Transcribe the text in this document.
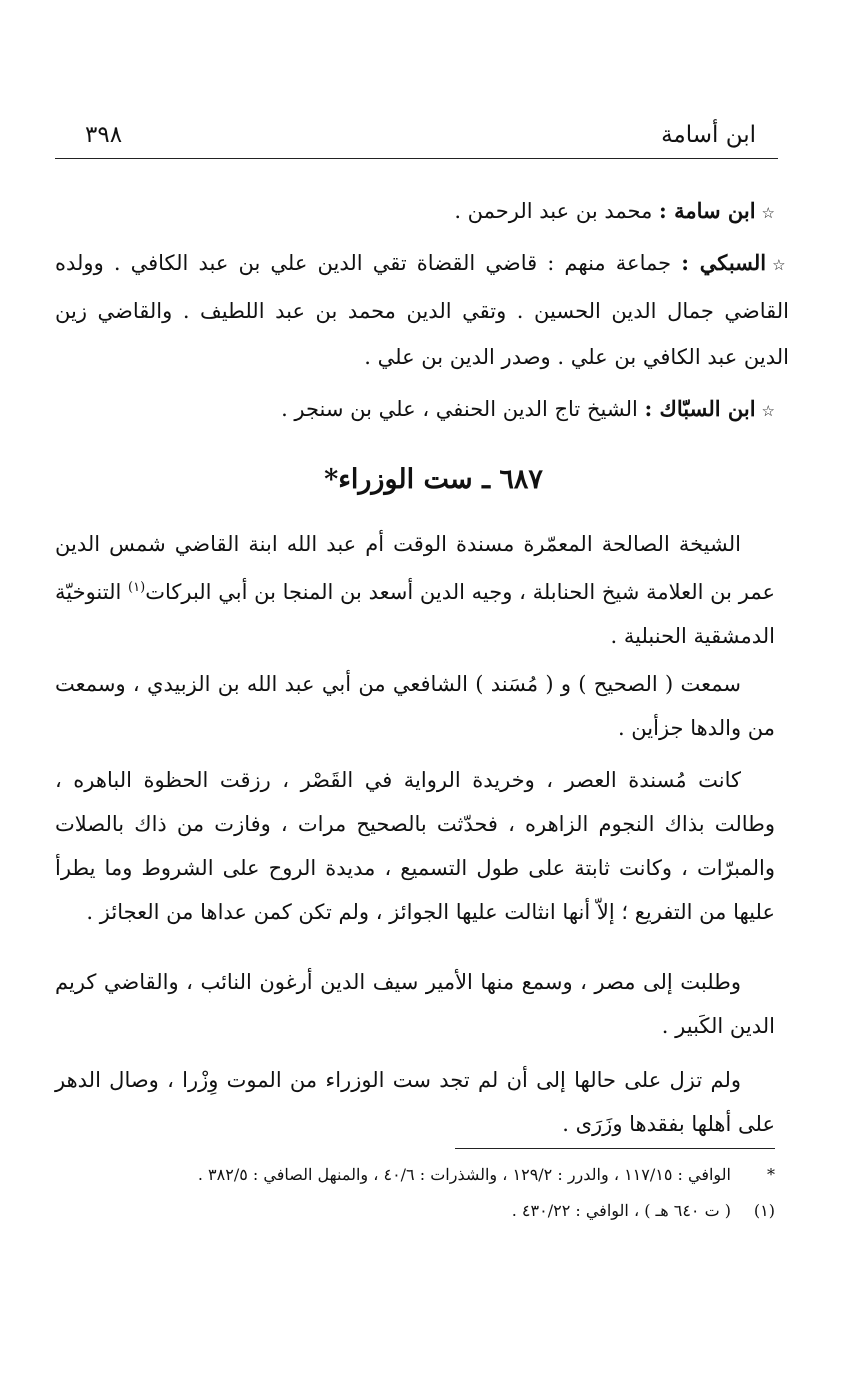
ابن أسامة
٣٩٨

☆ابن سامة : محمد بن عبد الرحمن .

☆السبكي : جماعة منهم : قاضي القضاة تقي الدين علي بن عبد الكافي . وولده القاضي جمال الدين الحسين . وتقي الدين محمد بن عبد اللطيف . والقاضي زين الدين عبد الكافي بن علي . وصدر الدين بن علي .

☆ابن السبّاك : الشيخ تاج الدين الحنفي ، علي بن سنجر .

٦٨٧ ـ ست الوزراء*

الشيخة الصالحة المعمّرة مسندة الوقت أم عبد الله ابنة القاضي شمس الدين عمر بن العلامة شيخ الحنابلة ، وجيه الدين أسعد بن المنجا بن أبي البركات$^{(١)}$ التنوخيّة الدمشقية الحنبلية .

سمعت ( الصحيح ) و ( مُسَند ) الشافعي من أبي عبد الله بن الزبيدي ، وسمعت من والدها جزأين .

كانت مُسندة العصر ، وخريدة الرواية في القَصْر ، رزقت الحظوة الباهره ، وطالت بذاك النجوم الزاهره ، فحدّثت بالصحيح مرات ، وفازت من ذاك بالصلات والمبرّات ، وكانت ثابتة على طول التسميع ، مديدة الروح على الشروط وما يطرأ عليها من التفريع ؛ إلاّ أنها انثالت عليها الجوائز ، ولم تكن كمن عداها من العجائز .

وطلبت إلى مصر ، وسمع منها الأمير سيف الدين أرغون النائب ، والقاضي كريم الدين الكَبير .

ولم تزل على حالها إلى أن لم تجد ست الوزراء من الموت وِزْرا ، وصال الدهر على أهلها بفقدها وزَرَى .

*الوافي : ١١٧/١٥ ، والدرر : ١٢٩/٢ ، والشذرات : ٤٠/٦ ، والمنهل الصافي : ٣٨٢/٥ .

(١)( ت ٦٤٠ هـ ) ، الوافي : ٤٣٠/٢٢ .
